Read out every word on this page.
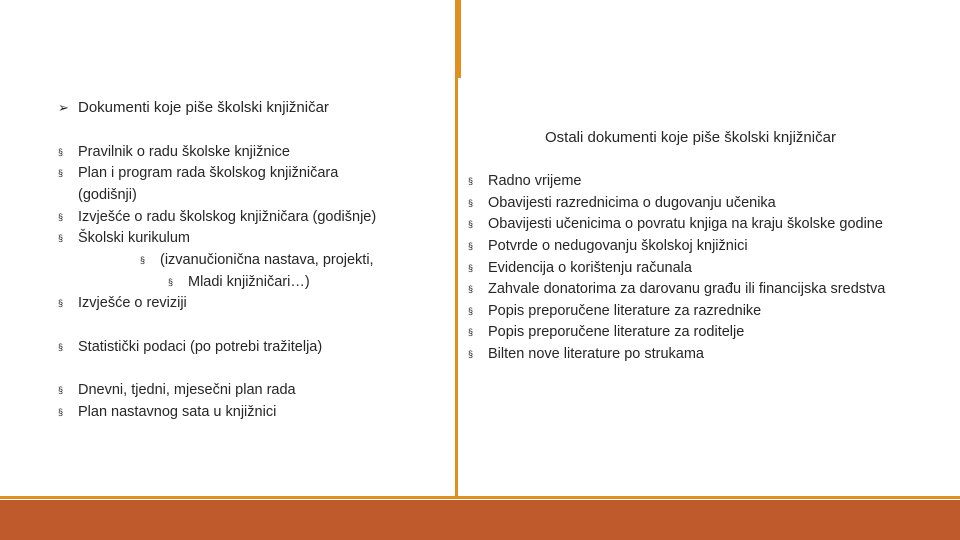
➢ Dokumenti koje piše školski knjižničar
§ Pravilnik o radu školske knjižnice
§ Plan i program rada školskog knjižničara
(godišnji)
§ Izvješće o radu školskog knjižničara (godišnje)
§ Školski kurikulum
§ (izvanučionična nastava, projekti,
§ Mladi knjižničari…)
§ Izvješće o reviziji
§ Statistički podaci (po potrebi tražitelja)
§ Dnevni, tjedni, mjesečni plan rada
§ Plan nastavnog sata u knjižnici
Ostali dokumenti koje piše školski knjižničar
§ Radno vrijeme
§ Obavijesti razrednicima o dugovanju učenika
§ Obavijesti učenicima o povratu knjiga na kraju školske godine
§ Potvrde o nedugovanju školskoj knjižnici
§ Evidencija o korištenju računala
§ Zahvale donatorima za darovanu građu ili financijska sredstva
§ Popis preporučene literature za razrednike
§ Popis preporučene literature za roditelje
§ Bilten nove literature po strukama
